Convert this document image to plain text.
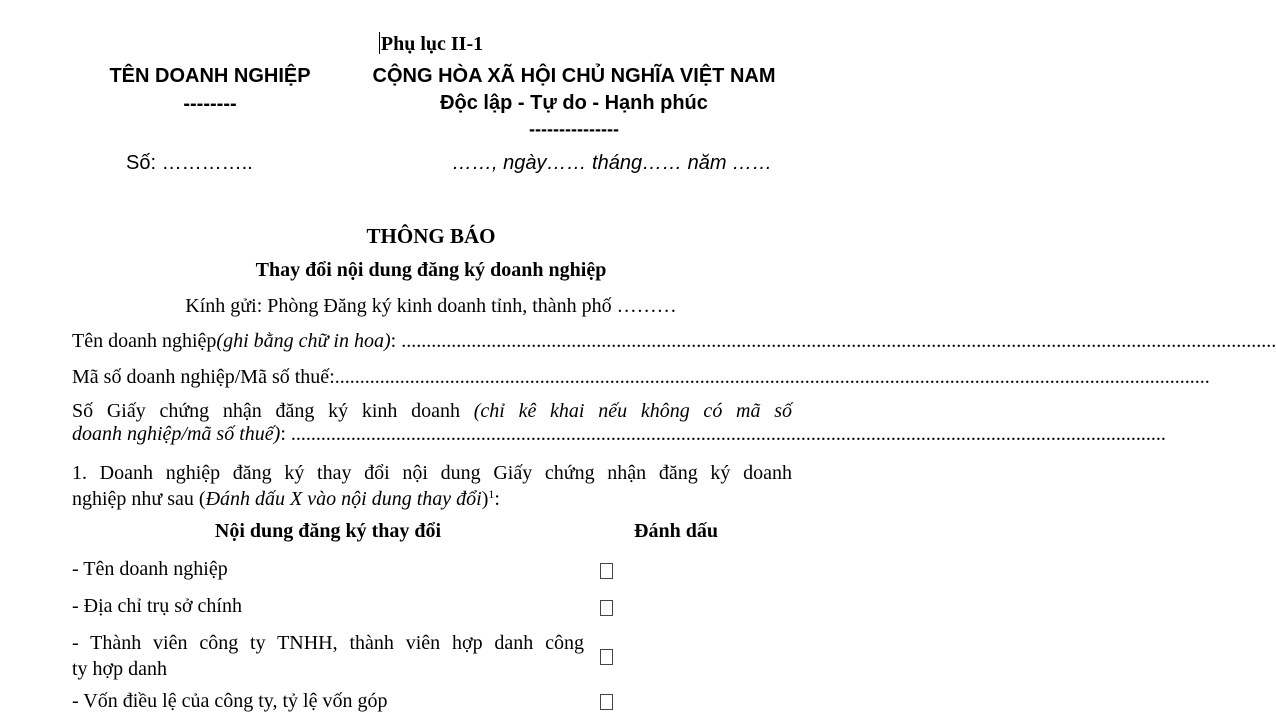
Phụ lục II-1
TÊN DOANH NGHIỆP
--------
CỘNG HÒA XÃ HỘI CHỦ NGHĨA VIỆT NAM
Độc lập - Tự do - Hạnh phúc
---------------
Số: …………..	……, ngày…… tháng…… năm ……
THÔNG BÁO
Thay đổi nội dung đăng ký doanh nghiệp
Kính gửi: Phòng Đăng ký kinh doanh tỉnh, thành phố ………
Tên doanh nghiệp (ghi bằng chữ in hoa) :
...............................................................................................................................................................................
Mã số doanh nghiệp/Mã số thuế: ...............................................................................................................................................................................
Số Giấy chứng nhận đăng ký kinh doanh (chỉ kê khai nếu không có mã số
doanh nghiệp/mã số thuế) :
...............................................................................................................................................................................
1. Doanh nghiệp đăng ký thay đổi nội dung Giấy chứng nhận đăng ký doanh
nghiệp như sau (Đánh dấu X vào nội dung thay đổi)$^1$:
Nội dung đăng ký thay đổi	Đánh dấu
- Tên doanh nghiệp
- Địa chỉ trụ sở chính
- Thành viên công ty TNHH, thành viên hợp danh công
ty hợp danh
- Vốn điều lệ của công ty, tỷ lệ vốn góp
